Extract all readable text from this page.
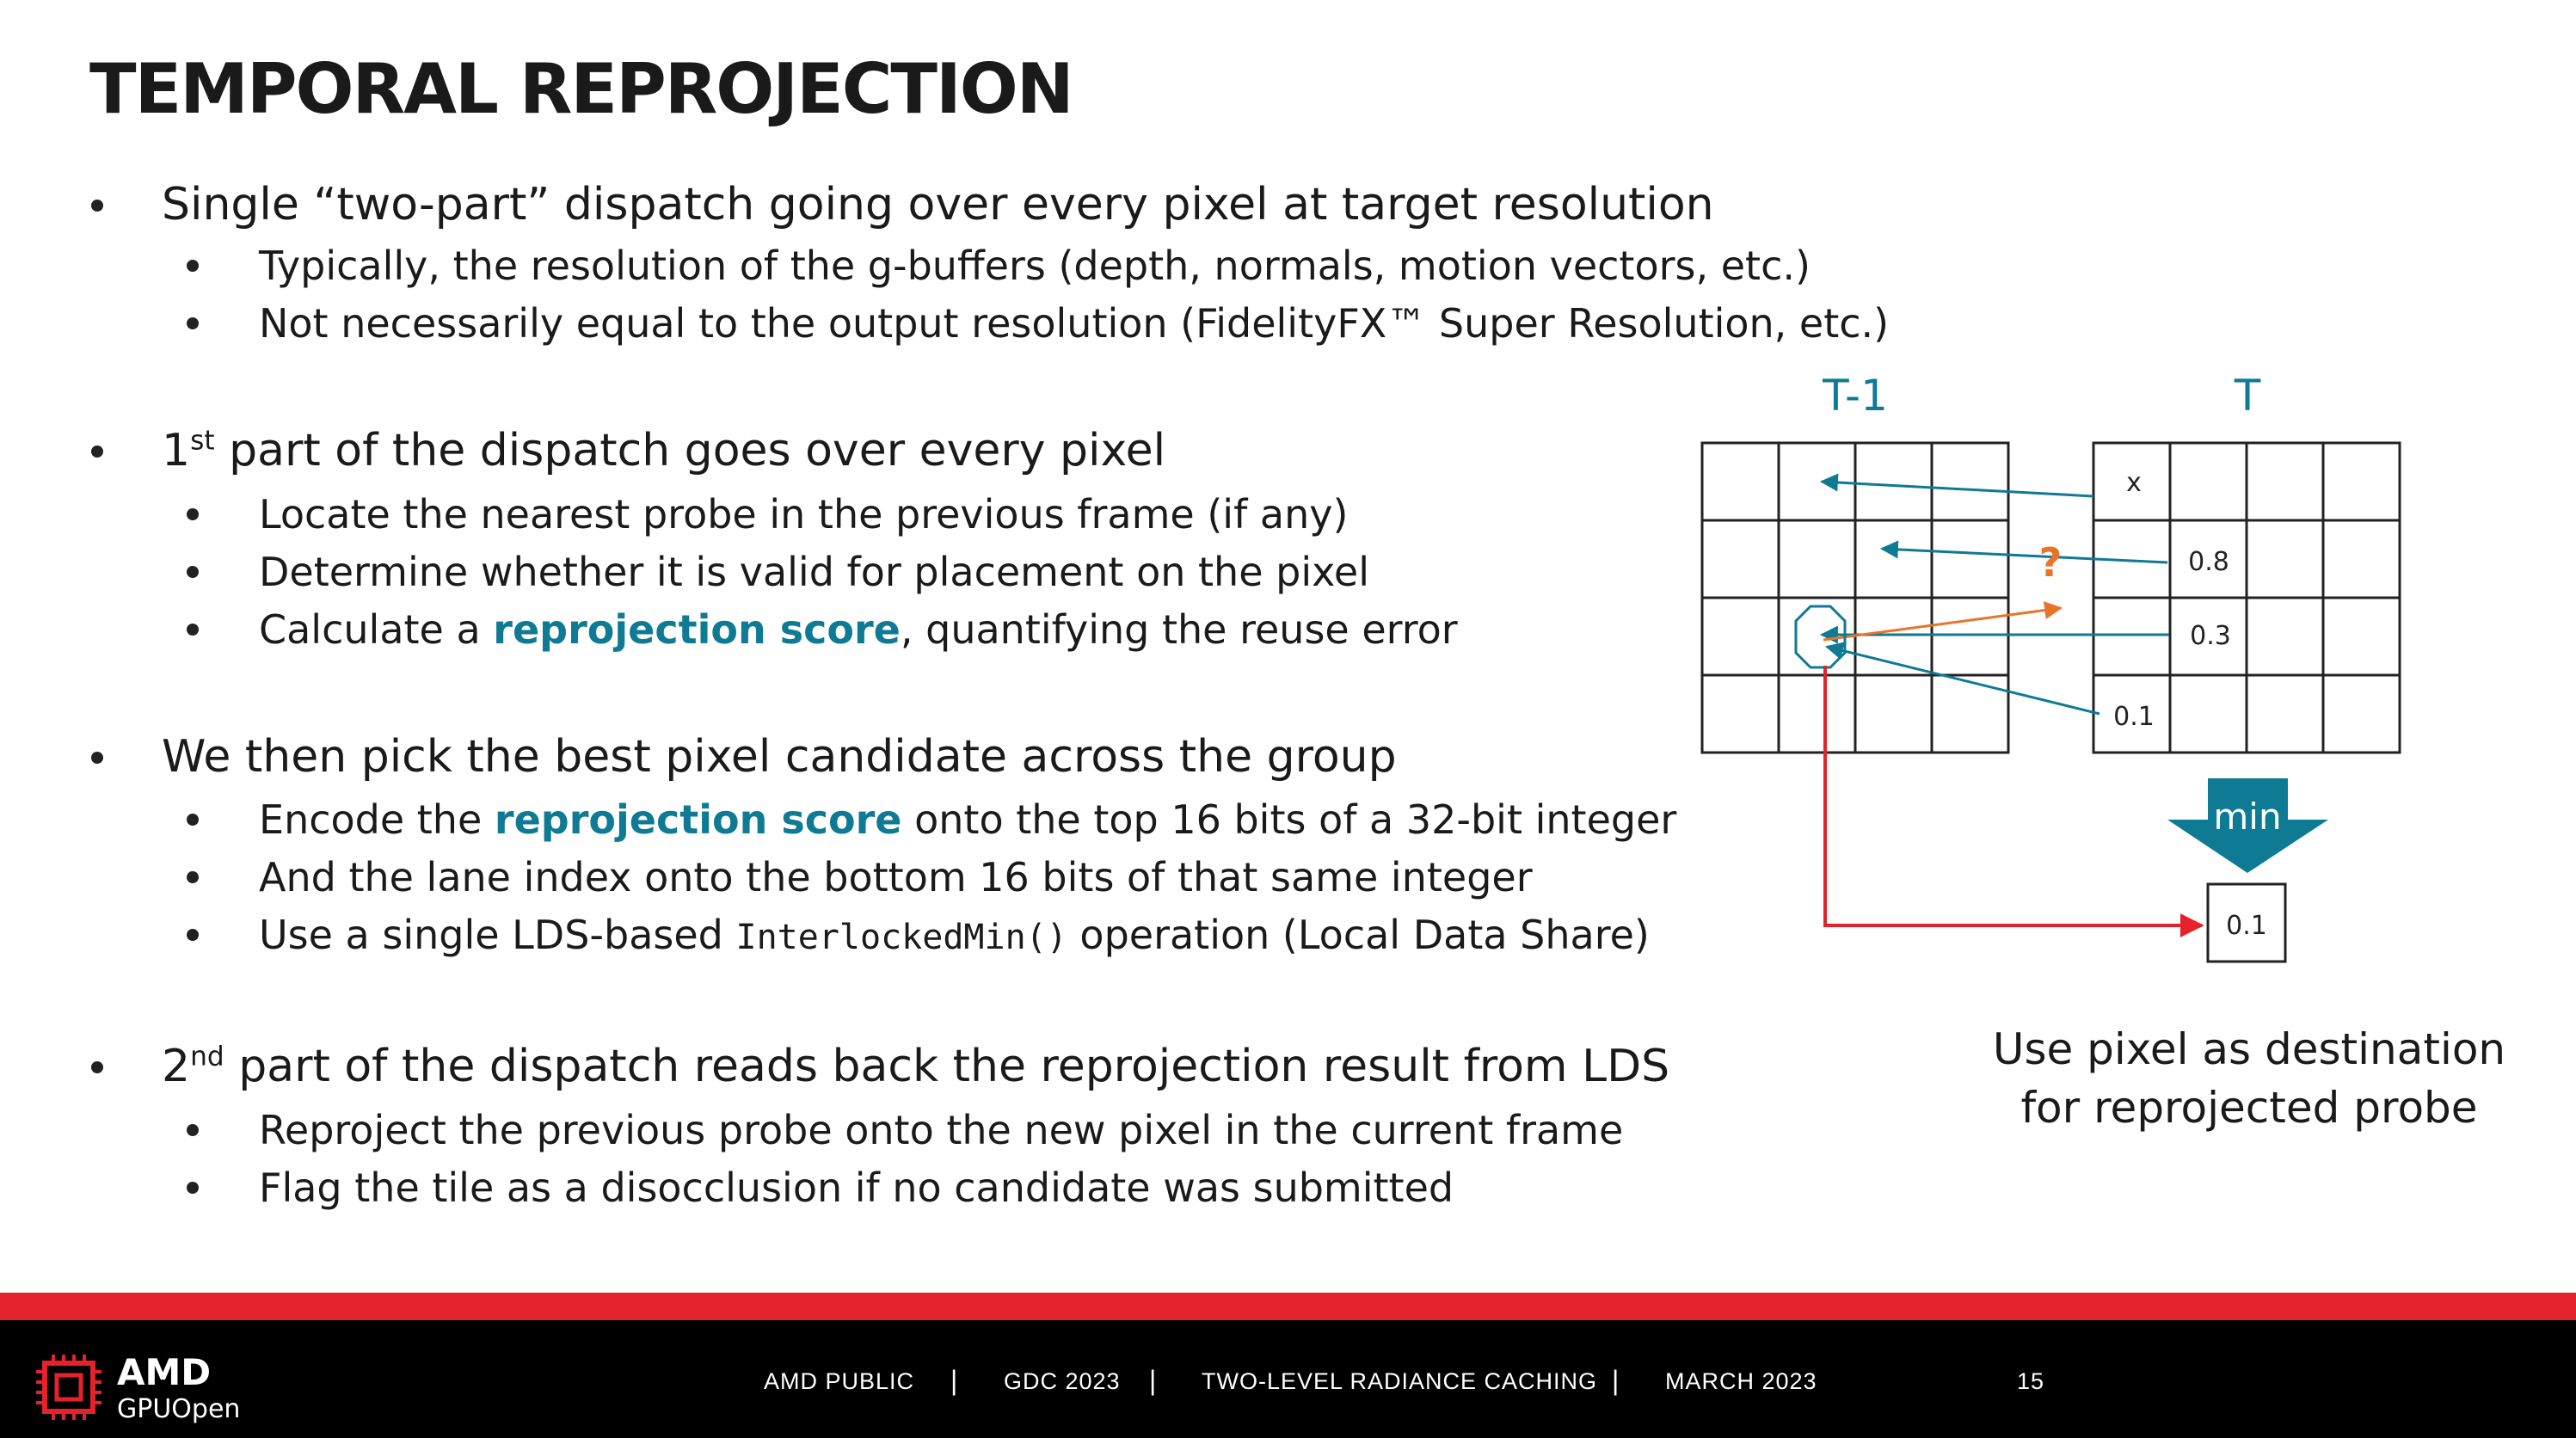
TEMPORAL REPROJECTION
Single “two-part” dispatch going over every pixel at target resolution
Typically, the resolution of the g-buffers (depth, normals, motion vectors, etc.)
Not necessarily equal to the output resolution (FidelityFX™ Super Resolution, etc.)
1st part of the dispatch goes over every pixel
Locate the nearest probe in the previous frame (if any)
Determine whether it is valid for placement on the pixel
Calculate a reprojection score, quantifying the reuse error
We then pick the best pixel candidate across the group
Encode the reprojection score onto the top 16 bits of a 32-bit integer
And the lane index onto the bottom 16 bits of that same integer
Use a single LDS-based InterlockedMin() operation (Local Data Share)
2nd part of the dispatch reads back the reprojection result from LDS
Reproject the previous probe onto the new pixel in the current frame
Flag the tile as a disocclusion if no candidate was submitted
T-1	T
x
0.8
0.3
0.1
?
min
0.1
Use pixel as destination
for reprojected probe
AMD
GPUOpen
AMD PUBLIC | GDC 2023 | TWO-LEVEL RADIANCE CACHING | MARCH 2023	15
